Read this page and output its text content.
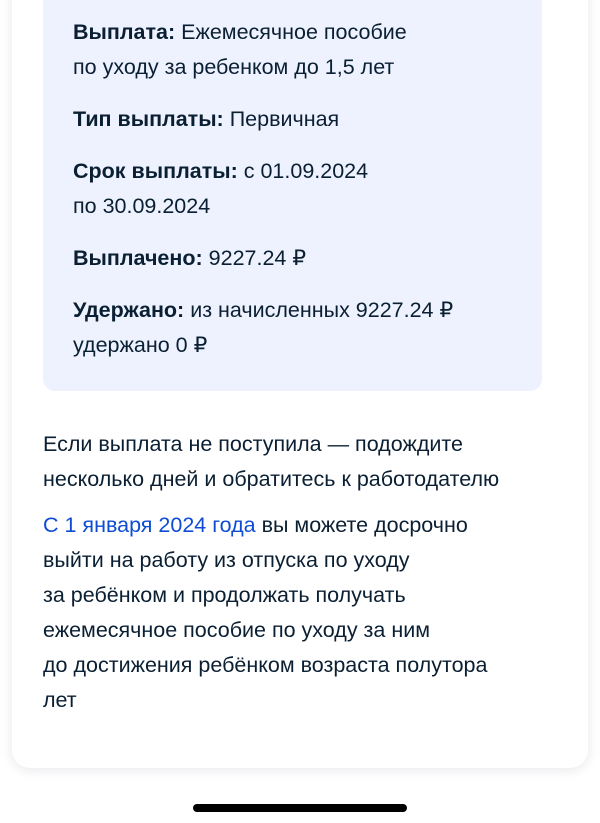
Выплата: Ежемесячное пособие
по уходу за ребенком до 1,5 лет
Тип выплаты: Первичная
Срок выплаты: с 01.09.2024
по 30.09.2024
Выплачено: 9227.24 ₽
Удержано: из начисленных 9227.24 ₽
удержано 0 ₽
Если выплата не поступила — подождите
несколько дней и обратитесь к работодателю
С 1 января 2024 года вы можете досрочно
выйти на работу из отпуска по уходу
за ребёнком и продолжать получать
ежемесячное пособие по уходу за ним
до достижения ребёнком возраста полутора
лет
